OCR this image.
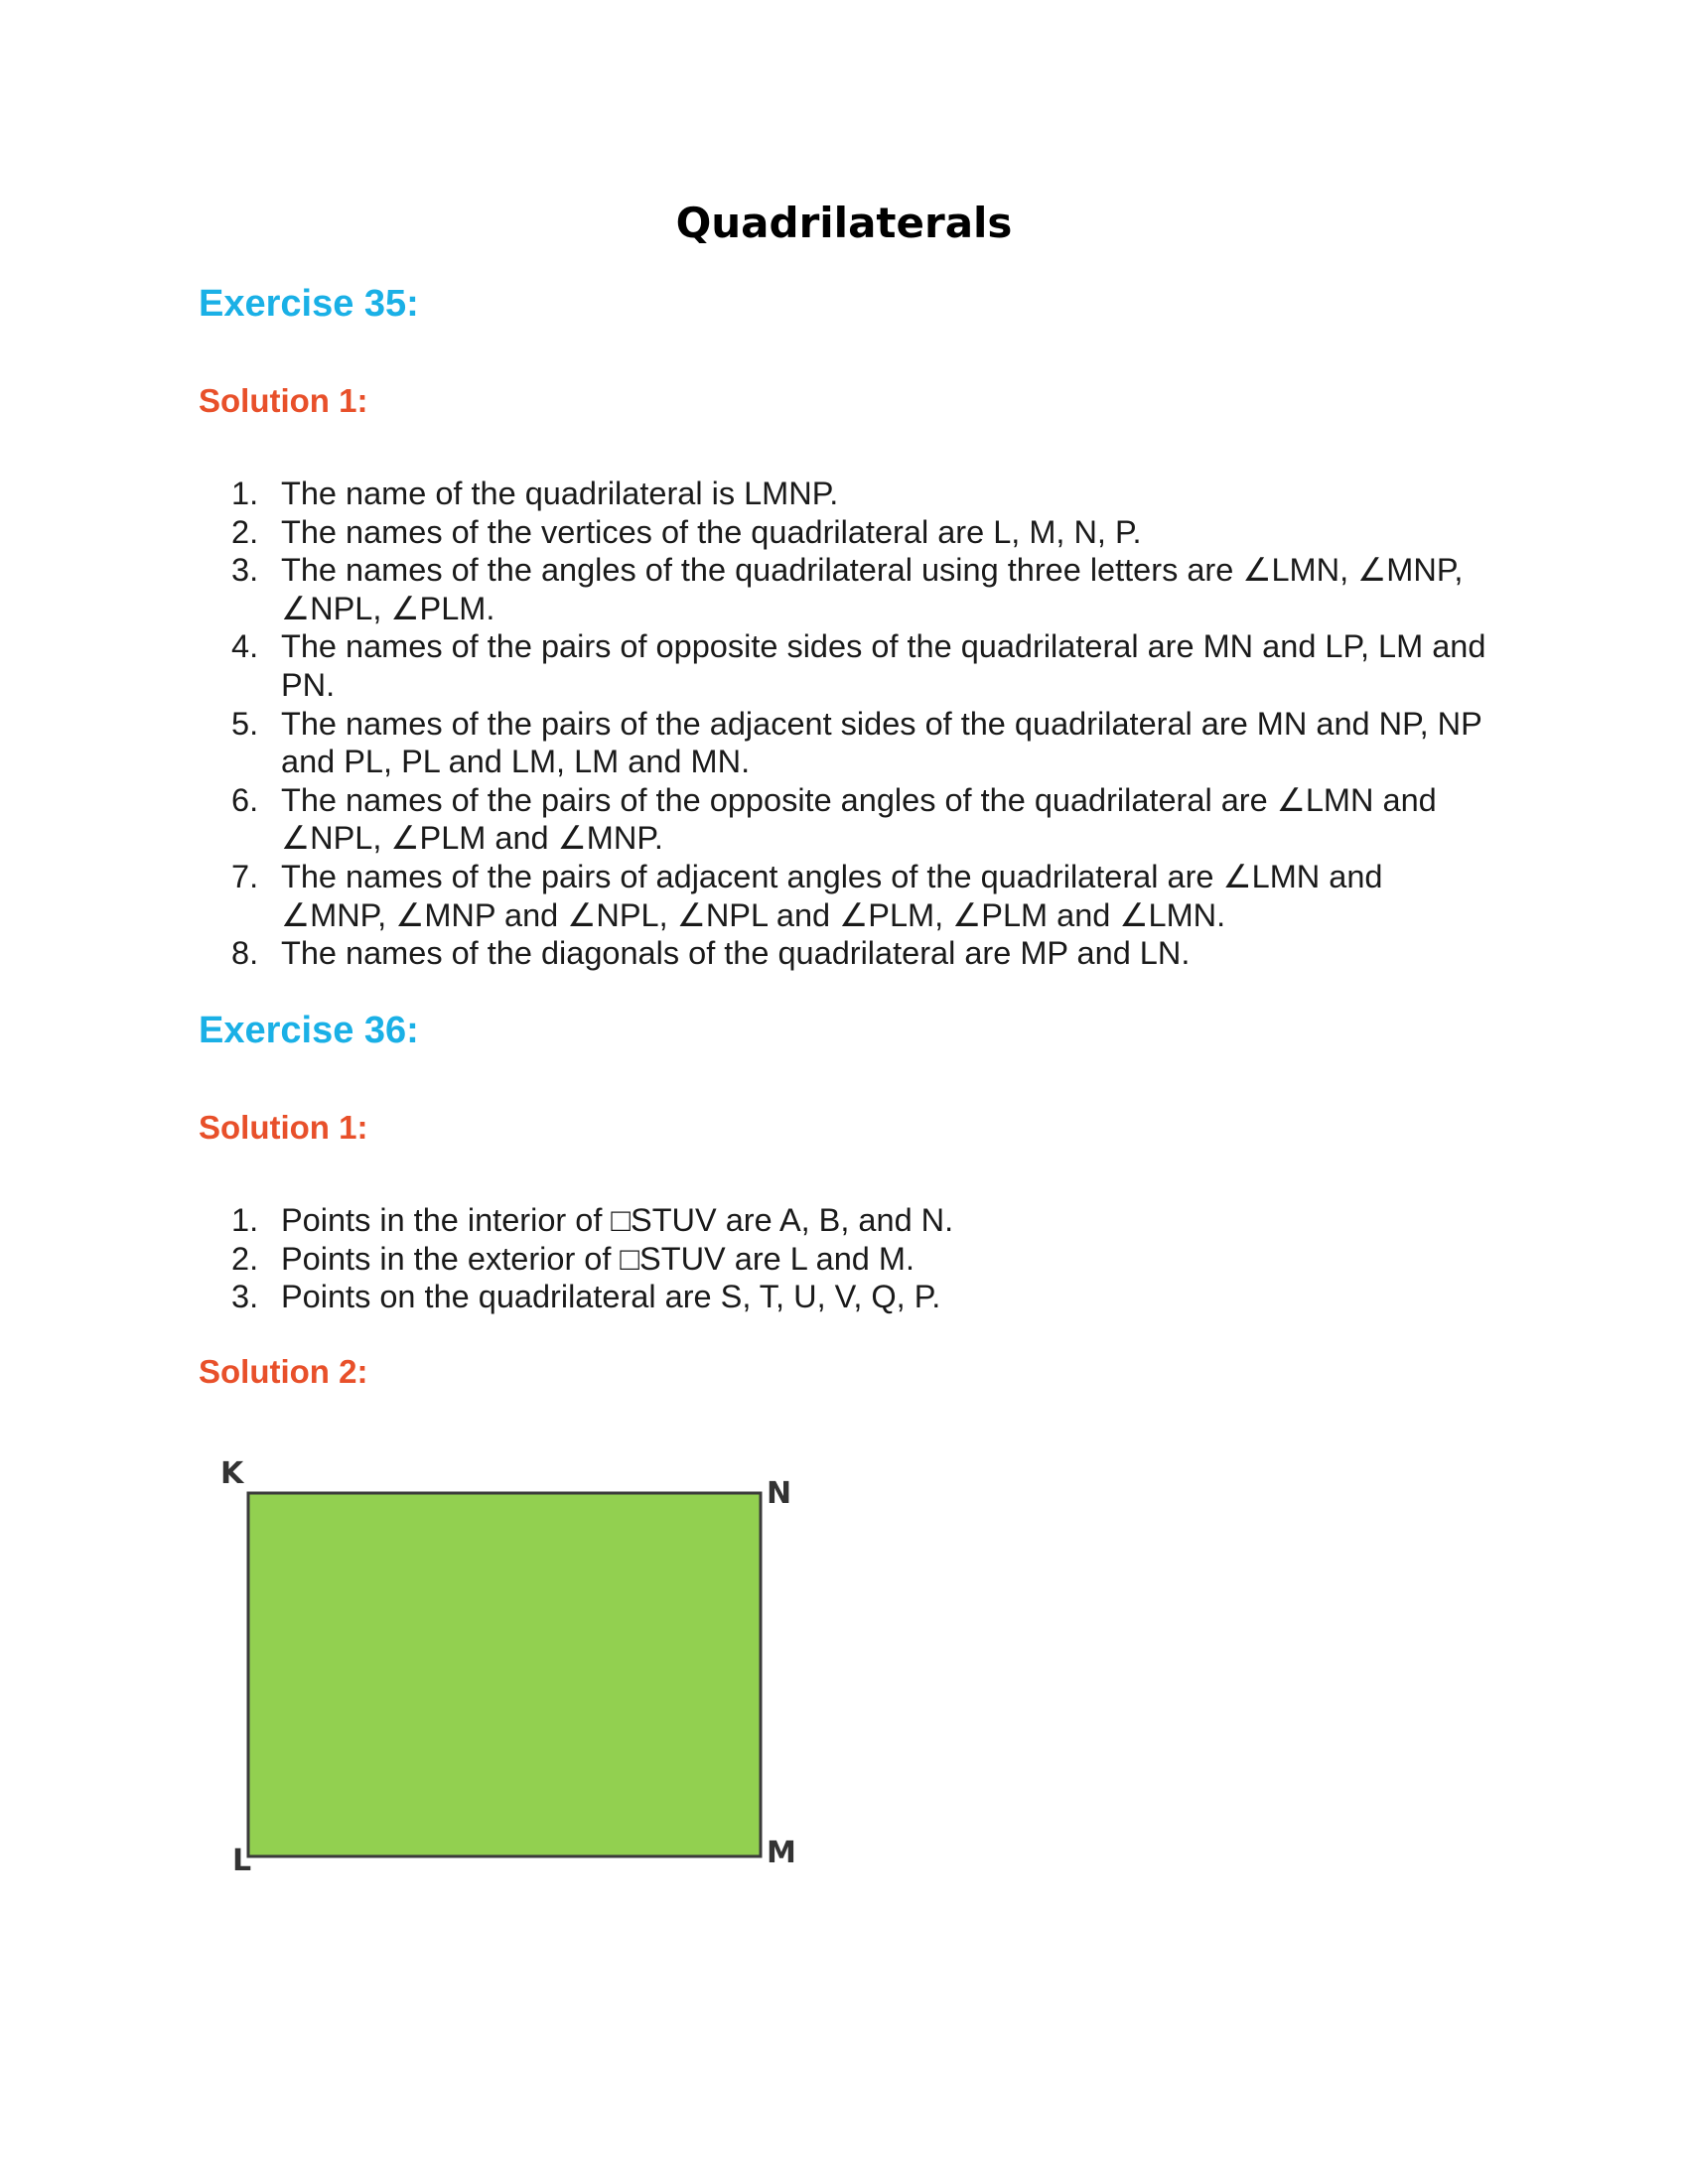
Quadrilaterals
Exercise 35:
Solution 1:
1. The name of the quadrilateral is LMNP.
2. The names of the vertices of the quadrilateral are L, M, N, P.
3. The names of the angles of the quadrilateral using three letters are ∠LMN, ∠MNP, ∠NPL, ∠PLM.
4. The names of the pairs of opposite sides of the quadrilateral are MN and LP, LM and PN.
5. The names of the pairs of the adjacent sides of the quadrilateral are MN and NP, NP and PL, PL and LM, LM and MN.
6. The names of the pairs of the opposite angles of the quadrilateral are ∠LMN and ∠NPL, ∠PLM and ∠MNP.
7. The names of the pairs of adjacent angles of the quadrilateral are ∠LMN and ∠MNP, ∠MNP and ∠NPL, ∠NPL and ∠PLM, ∠PLM and ∠LMN.
8. The names of the diagonals of the quadrilateral are MP and LN.
Exercise 36:
Solution 1:
1. Points in the interior of □STUV are A, B, and N.
2. Points in the exterior of □STUV are L and M.
3. Points on the quadrilateral are S, T, U, V, Q, P.
Solution 2:
K
N
L	M
